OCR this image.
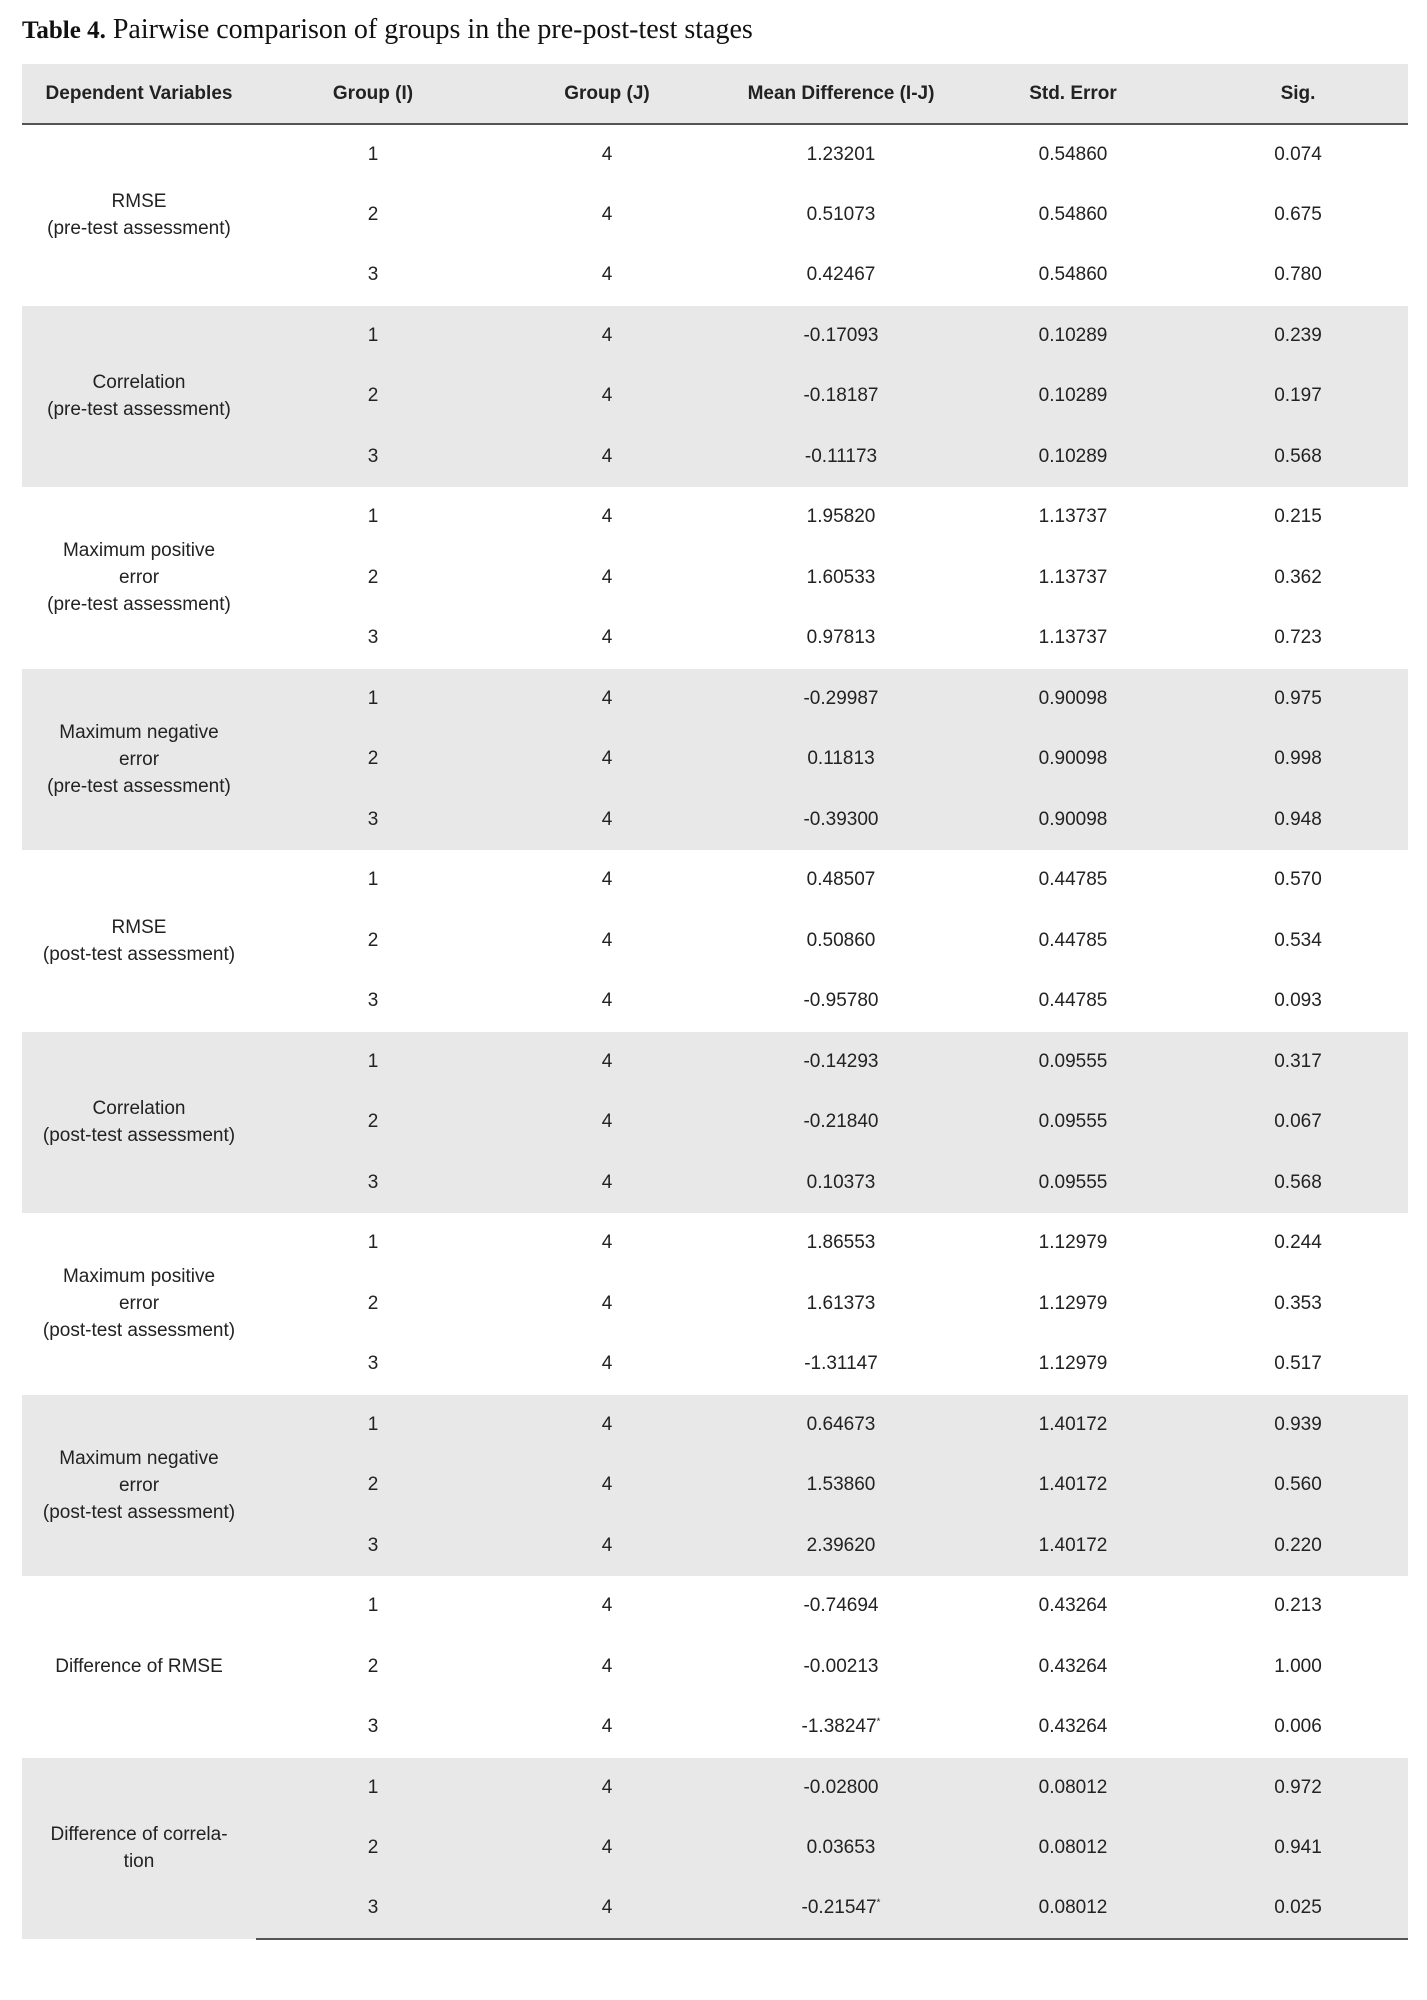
Table 4. Pairwise comparison of groups in the pre-post-test stages
Dependent Variables	Group (I)	Group (J)	Mean Difference (I-J)	Std. Error	Sig.
RMSE
(pre-test assessment)	1	4	1.23201	0.54860	0.074
	2	4	0.51073	0.54860	0.675
	3	4	0.42467	0.54860	0.780
Correlation
(pre-test assessment)	1	4	-0.17093	0.10289	0.239
	2	4	-0.18187	0.10289	0.197
	3	4	-0.11173	0.10289	0.568
Maximum positive
error
(pre-test assessment)	1	4	1.95820	1.13737	0.215
	2	4	1.60533	1.13737	0.362
	3	4	0.97813	1.13737	0.723
Maximum negative
error
(pre-test assessment)	1	4	-0.29987	0.90098	0.975
	2	4	0.11813	0.90098	0.998
	3	4	-0.39300	0.90098	0.948
RMSE
(post-test assessment)	1	4	0.48507	0.44785	0.570
	2	4	0.50860	0.44785	0.534
	3	4	-0.95780	0.44785	0.093
Correlation
(post-test assessment)	1	4	-0.14293	0.09555	0.317
	2	4	-0.21840	0.09555	0.067
	3	4	0.10373	0.09555	0.568
Maximum positive
error
(post-test assessment)	1	4	1.86553	1.12979	0.244
	2	4	1.61373	1.12979	0.353
	3	4	-1.31147	1.12979	0.517
Maximum negative
error
(post-test assessment)	1	4	0.64673	1.40172	0.939
	2	4	1.53860	1.40172	0.560
	3	4	2.39620	1.40172	0.220
Difference of RMSE	1	4	-0.74694	0.43264	0.213
	2	4	-0.00213	0.43264	1.000
	3	4	-1.38247*	0.43264	0.006
Difference of correla-
tion	1	4	-0.02800	0.08012	0.972
	2	4	0.03653	0.08012	0.941
	3	4	-0.21547*	0.08012	0.025
